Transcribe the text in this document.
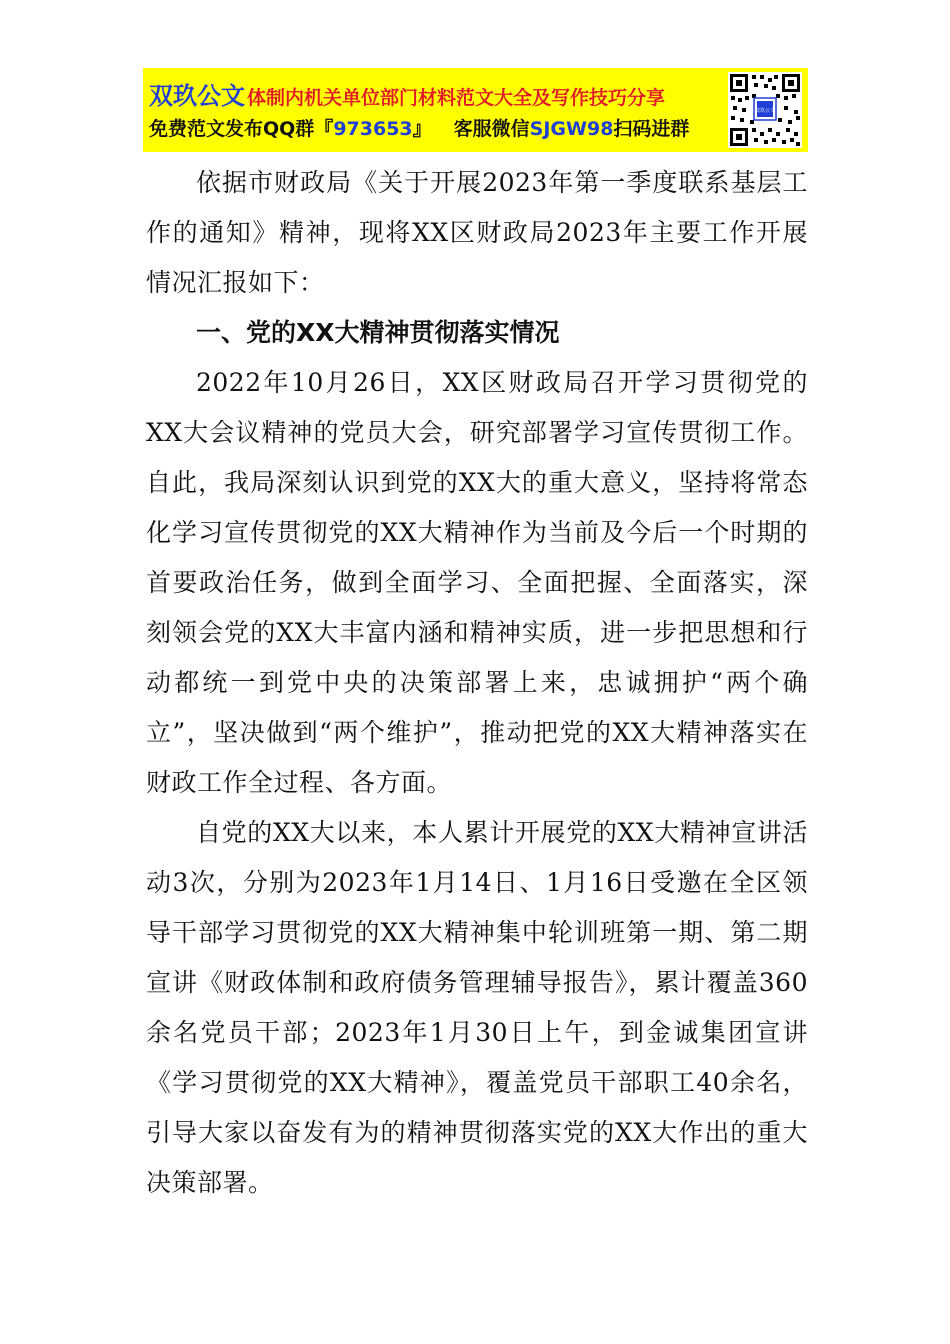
双玖公文 体制内机关单位部门材料范文大全及写作技巧分享
免费范文发布QQ群『973653』 客服微信SJGW98扫码进群
双玖公文

依据市财政局《关于开展2023年第一季度联系基层工作的通知》精神，现将XX区财政局2023年主要工作开展情况汇报如下：

一、党的XX大精神贯彻落实情况

2022年10月26日，XX区财政局召开学习贯彻党的XX大会议精神的党员大会，研究部署学习宣传贯彻工作。自此，我局深刻认识到党的XX大的重大意义，坚持将常态化学习宣传贯彻党的XX大精神作为当前及今后一个时期的首要政治任务，做到全面学习、全面把握、全面落实，深刻领会党的XX大丰富内涵和精神实质，进一步把思想和行动都统一到党中央的决策部署上来，忠诚拥护“两个确立”，坚决做到“两个维护”，推动把党的XX大精神落实在财政工作全过程、各方面。

自党的XX大以来，本人累计开展党的XX大精神宣讲活动3次，分别为2023年1月14日、1月16日受邀在全区领导干部学习贯彻党的XX大精神集中轮训班第一期、第二期宣讲《财政体制和政府债务管理辅导报告》，累计覆盖360余名党员干部；2023年1月30日上午，到金诚集团宣讲《学习贯彻党的XX大精神》，覆盖党员干部职工40余名，引导大家以奋发有为的精神贯彻落实党的XX大作出的重大决策部署。
